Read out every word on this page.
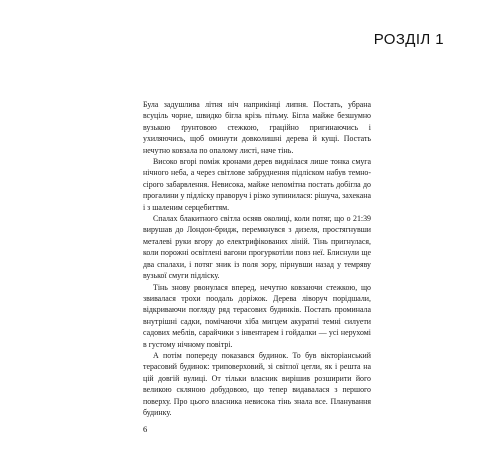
РОЗДІЛ 1

Була задушлива літня ніч наприкінці липня. Постать, убрана всуціль чорне, швидко бігла крізь пітьму. Бігла майже безшумно вузькою ґрунтовою стежкою, граційно пригинаючись і ухиляючись, щоб оминути довколишні дерева й кущі. Постать нечутно ковзала по опалому листі, наче тінь.

Високо вгорі поміж кронами дерев виднілася лише тонка смуга нічного неба, а через світлове забруднення підліском набув темно-сірого забарвлення. Невисока, майже непомітна постать добігла до прогалини у підліску праворуч і різко зупинилася: рішуча, захекана і з шаленим серцебиттям.

Спалах блакитного світла осяяв околиці, коли потяг, що о 21:39 вирушав до Лондон-бридж, перемкнувся з дизеля, простягнувши металеві руки вгору до електрифікованих ліній. Тінь пригнулася, коли порожні освітлені вагони прогуркотіли повз неї. Блиснули ще два спалахи, і потяг зник із поля зору, пірнувши назад у темряву вузької смуги підліску.

Тінь знову рвонулася вперед, нечутно ковзаючи стежкою, що звивалася трохи поодаль доріжок. Дерева ліворуч порідшали, відкриваючи погляду ряд терасових будинків. Постать проминала внутрішні садки, помічаючи хіба мигцем акуратні темні силуети садових меблів, сарайчики з інвентарем і гойдалки — усі нерухомі в густому нічному повітрі.

А потім попереду показався будинок. То був вікторіанський терасовий будинок: триповерховий, зі світлої цегли, як і решта на цій довгій вулиці. От тільки власник вирішив розширити його великою скляною добудовою, що тепер видавалася з першого поверху. Про цього власника невисока тінь знала все. Планування будинку.

6
